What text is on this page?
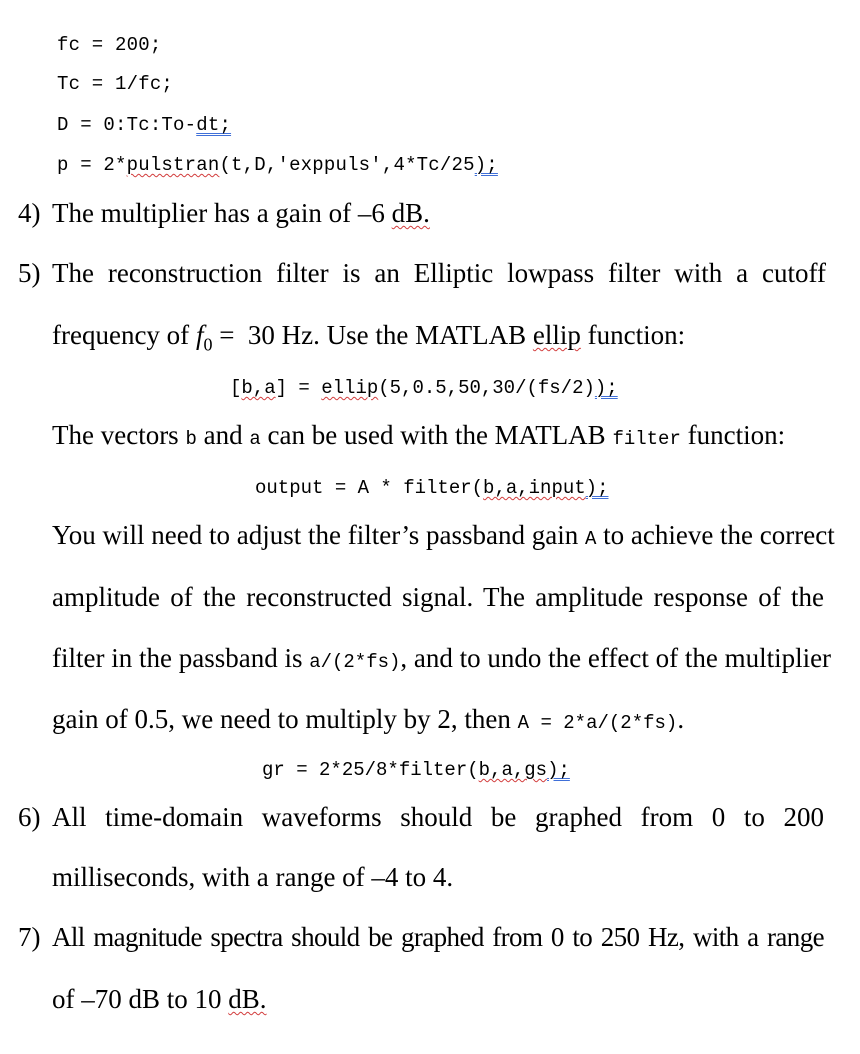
fc = 200;
Tc = 1/fc;
D = 0:Tc:To-dt;
p = 2*pulstran(t,D,'exppuls',4*Tc/25);
4) The multiplier has a gain of –6 dB.
5) The reconstruction filter is an Elliptic lowpass filter with a cutoff
frequency of $f_0 = 30$ Hz. Use the MATLAB ellip function:
[b,a] = ellip(5,0.5,50,30/(fs/2));
The vectors b and a can be used with the MATLAB filter function:
output = A * filter(b,a,input);
You will need to adjust the filter’s passband gain A to achieve the correct
amplitude of the reconstructed signal. The amplitude response of the
filter in the passband is a/(2*fs), and to undo the effect of the multiplier
gain of 0.5, we need to multiply by 2, then A = 2*a/(2*fs).
gr = 2*25/8*filter(b,a,gs);
6) All time-domain waveforms should be graphed from 0 to 200
milliseconds, with a range of –4 to 4.
7) All magnitude spectra should be graphed from 0 to 250 Hz, with a range
of –70 dB to 10 dB.
